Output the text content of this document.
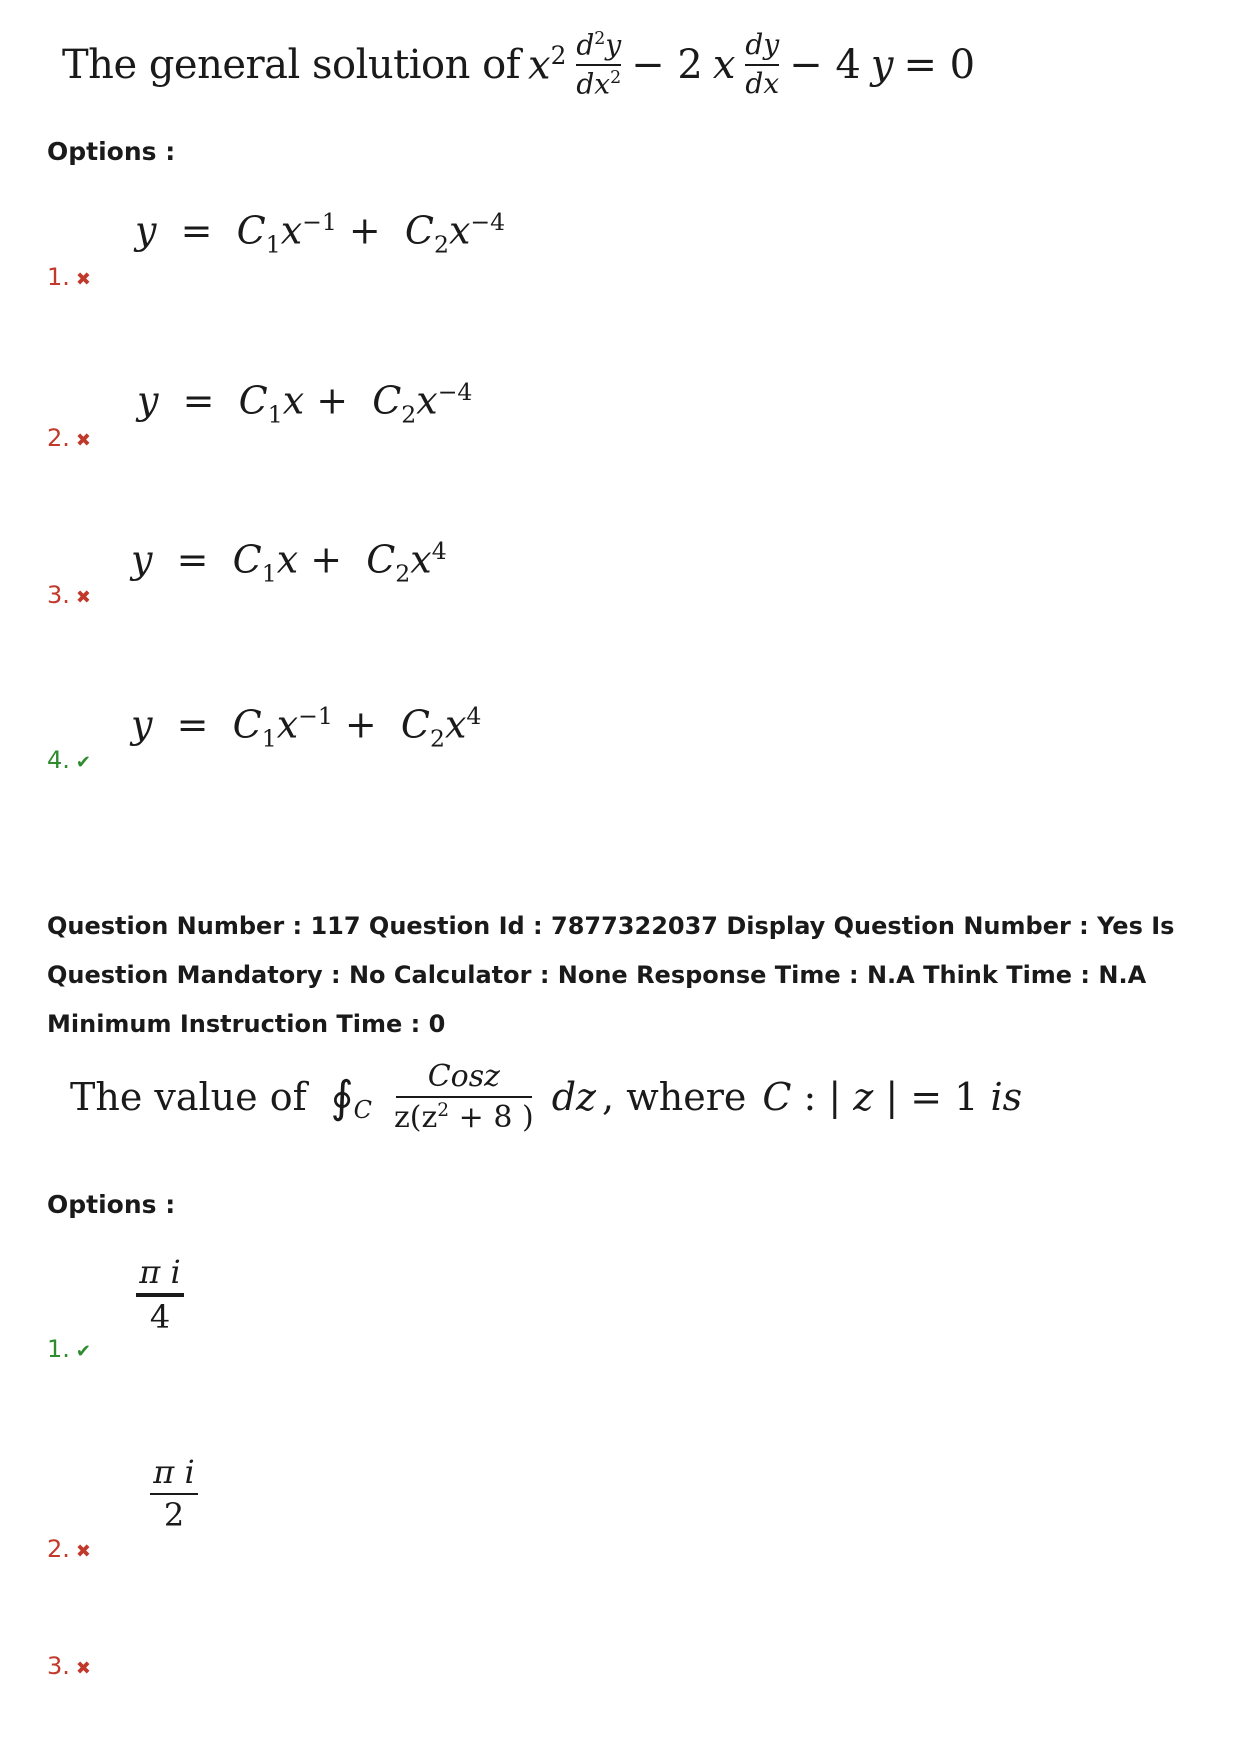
The general solution of $x^2 \frac{d^2y}{dx^2} - 2$ x $\frac{dy}{dx} - 4$ y = 0
Options :
$y = C_1x^{-1} + C_2x^{-4}$
1. ✖
$y = C_1x + C_2x^{-4}$
2. ✖
$y = C_1x + C_2x^4$
3. ✖
$y = C_1x^{-1} + C_2x^4$
4. ✔
Question Number : 117 Question Id : 7877322037 Display Question Number : Yes Is Question Mandatory : No Calculator : None Response Time : N.A Think Time : N.A Minimum Instruction Time : 0
The value of $∮_C \frac{\text{Cosz}}{z(z^2 + 8 )}$ dz , where C : | z | = 1 is
Options :
$\frac{\text{π i}}{4}$
1. ✔
$\frac{\text{π i}}{2}$
2. ✖
3. ✖
